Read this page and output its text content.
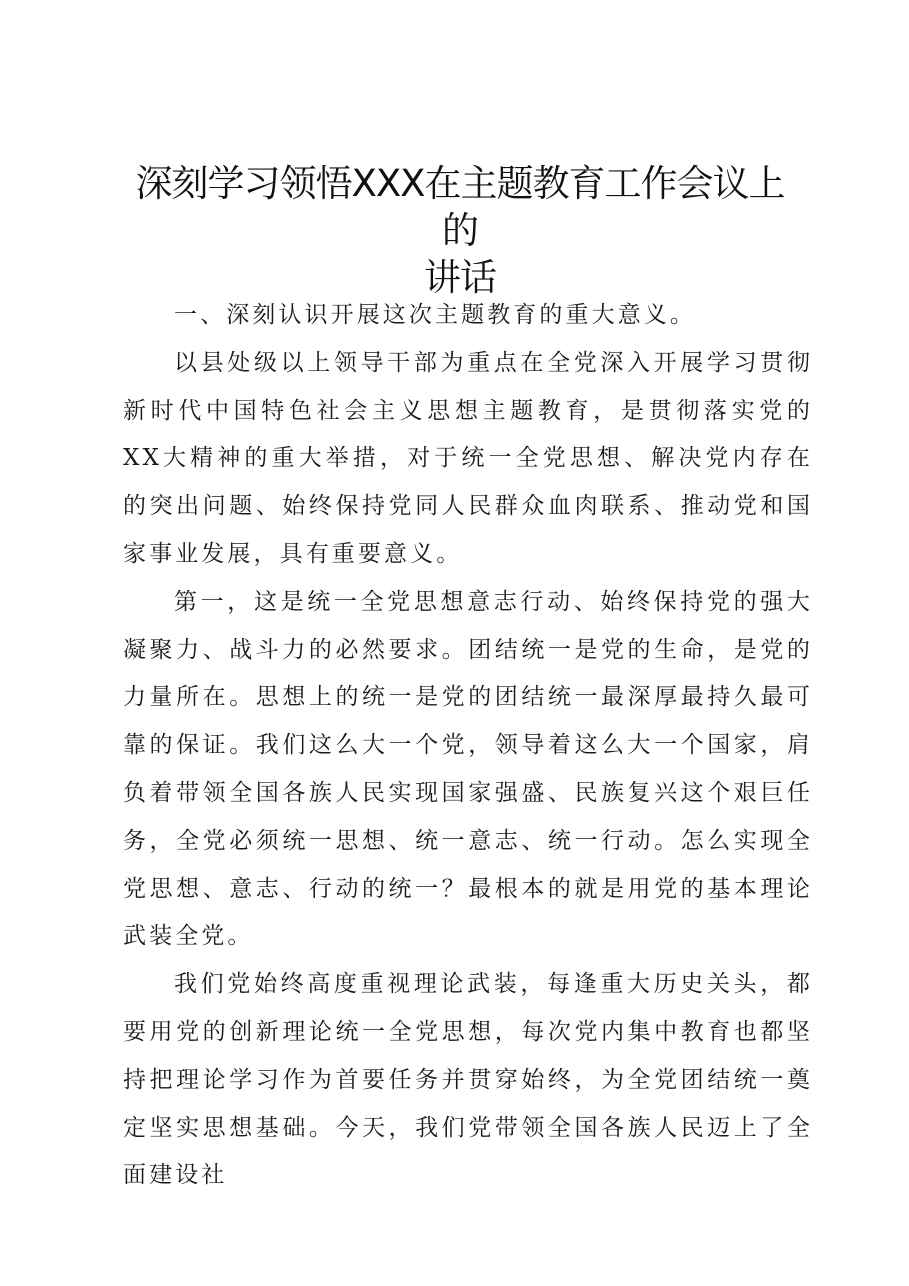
深刻学习领悟XXX在主题教育工作会议上的
讲话

一、深刻认识开展这次主题教育的重大意义。

以县处级以上领导干部为重点在全党深入开展学习贯彻新时代中国特色社会主义思想主题教育，是贯彻落实党的XX大精神的重大举措，对于统一全党思想、解决党内存在的突出问题、始终保持党同人民群众血肉联系、推动党和国家事业发展，具有重要意义。

第一，这是统一全党思想意志行动、始终保持党的强大凝聚力、战斗力的必然要求。团结统一是党的生命，是党的力量所在。思想上的统一是党的团结统一最深厚最持久最可靠的保证。我们这么大一个党，领导着这么大一个国家，肩负着带领全国各族人民实现国家强盛、民族复兴这个艰巨任务，全党必须统一思想、统一意志、统一行动。怎么实现全党思想、意志、行动的统一？最根本的就是用党的基本理论武装全党。

我们党始终高度重视理论武装，每逢重大历史关头，都要用党的创新理论统一全党思想，每次党内集中教育也都坚持把理论学习作为首要任务并贯穿始终，为全党团结统一奠定坚实思想基础。今天，我们党带领全国各族人民迈上了全面建设社
